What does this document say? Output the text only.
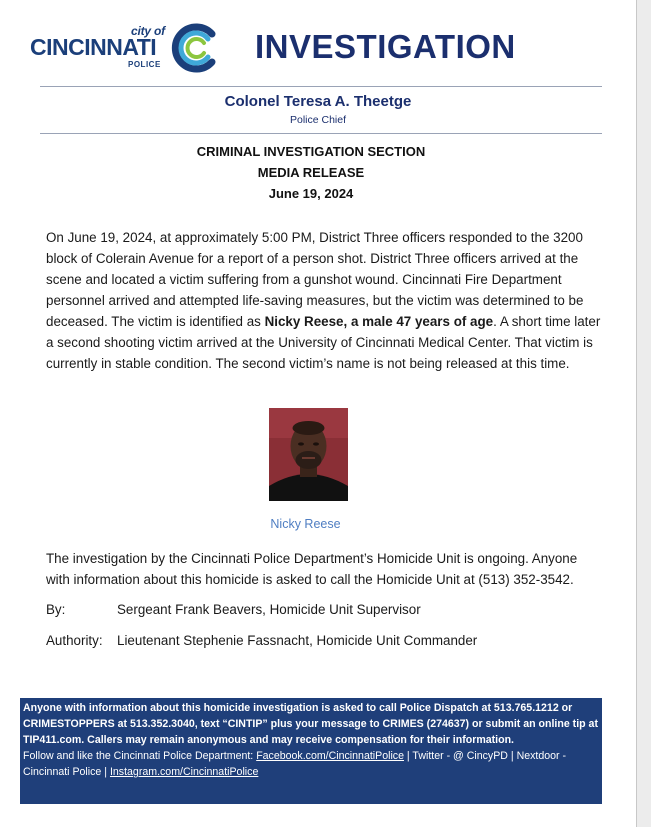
city of
CINCINNATI
POLICE	INVESTIGATION
Colonel Teresa A. Theetge
Police Chief
CRIMINAL INVESTIGATION SECTION
MEDIA RELEASE
June 19, 2024
On June 19, 2024, at approximately 5:00 PM, District Three officers responded to the 3200 block of Colerain Avenue for a report of a person shot. District Three officers arrived at the scene and located a victim suffering from a gunshot wound. Cincinnati Fire Department personnel arrived and attempted life-saving measures, but the victim was determined to be deceased. The victim is identified as Nicky Reese, a male 47 years of age. A short time later a second shooting victim arrived at the University of Cincinnati Medical Center. That victim is currently in stable condition. The second victim’s name is not being released at this time.
Nicky Reese
The investigation by the Cincinnati Police Department’s Homicide Unit is ongoing. Anyone with information about this homicide is asked to call the Homicide Unit at (513) 352-3542.
By:	Sergeant Frank Beavers, Homicide Unit Supervisor
Authority: Lieutenant Stephenie Fassnacht, Homicide Unit Commander
Anyone with information about this homicide investigation is asked to call Police Dispatch at 513.765.1212 or CRIMESTOPPERS at 513.352.3040, text “CINTIP” plus your message to CRIMES (274637) or submit an online tip at TIP411.com. Callers may remain anonymous and may receive compensation for their information.
Follow and like the Cincinnati Police Department: Facebook.com/CincinnatiPolice | Twitter - @ CincyPD | Nextdoor - Cincinnati Police | Instagram.com/CincinnatiPolice
